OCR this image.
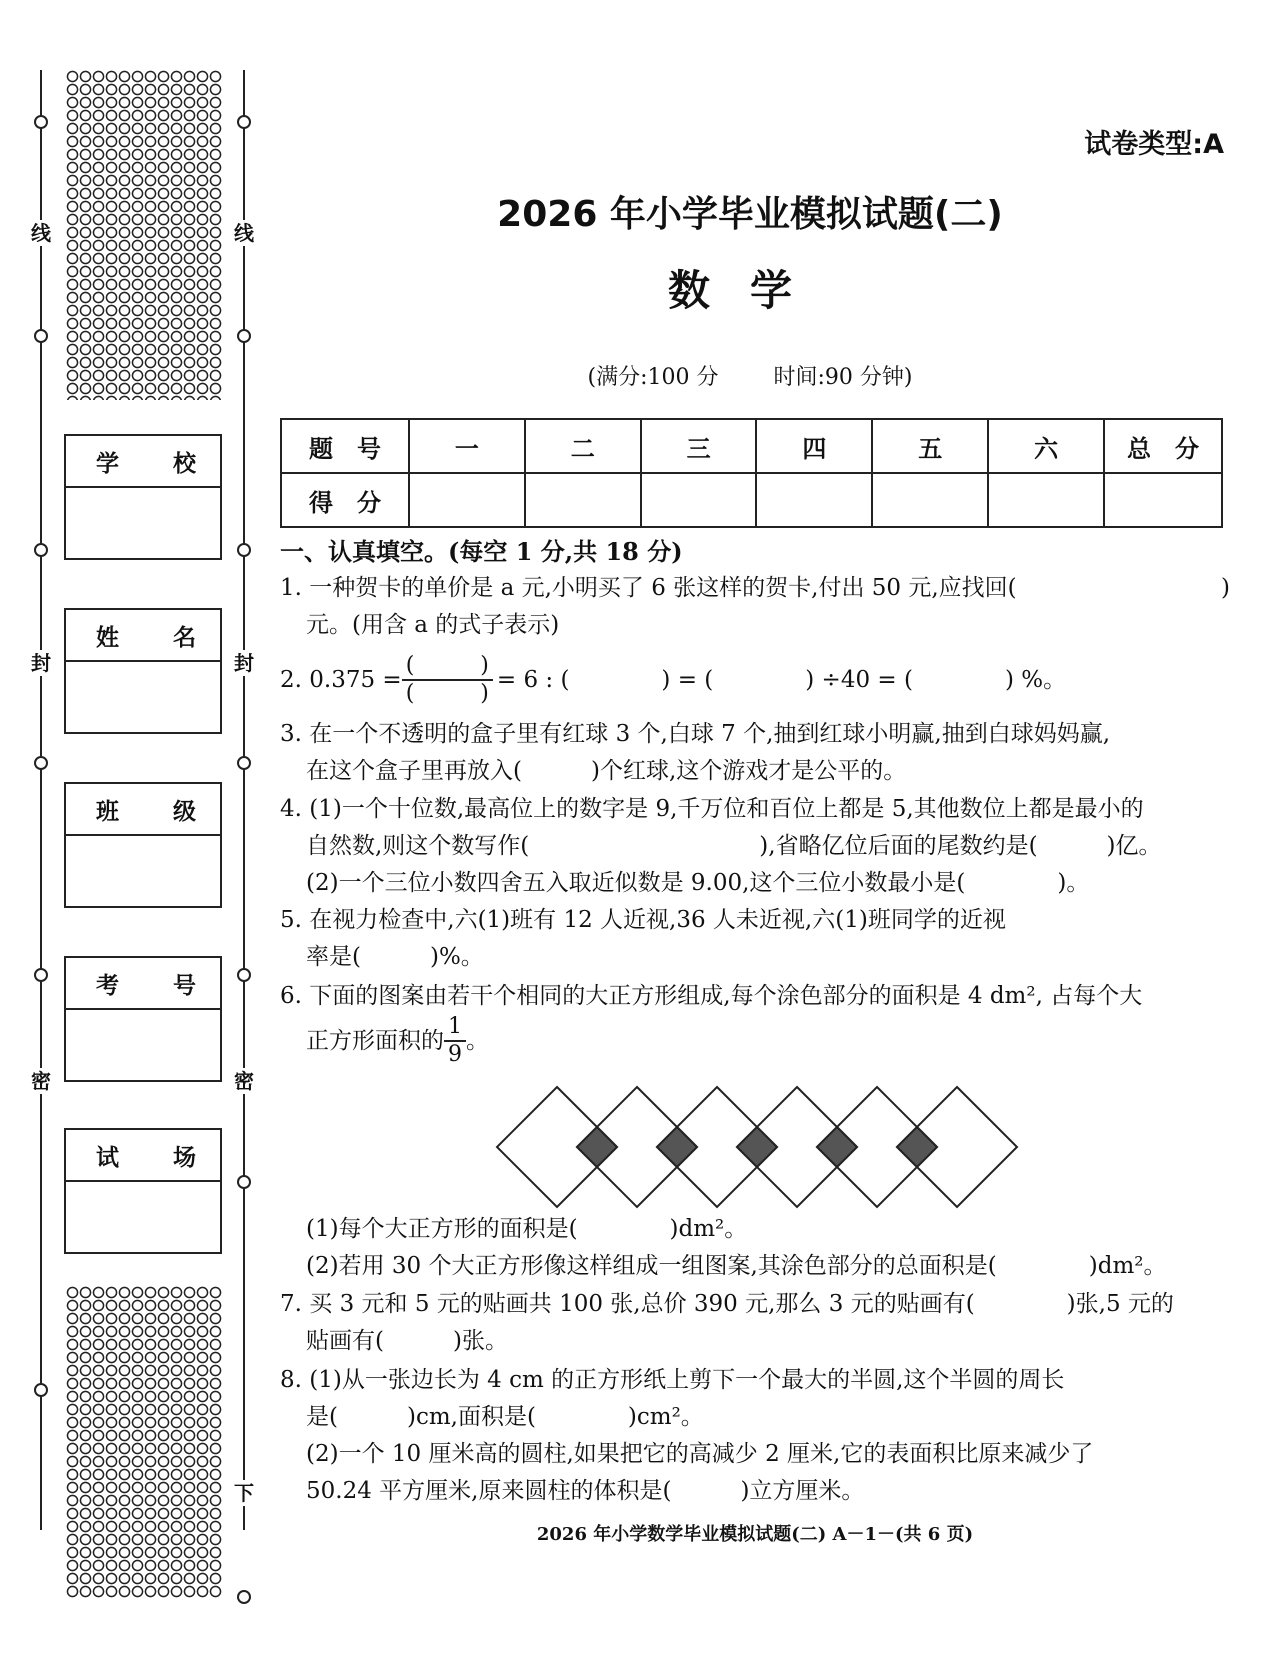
线
封
密
线
封
密
下
学 校
姓 名
班 级
考 号
试 场
试卷类型:A
2026 年小学毕业模拟试题(二)
数学
(满分:100 分	时间:90 分钟)
题　号	一	二	三	四	五	六	总　分
得　分							
一、认真填空。(每空 1 分,共 18 分)
1. 一种贺卡的单价是 a 元,小明买了 6 张这样的贺卡,付出 50 元,应找回(	)
元。(用含 a 的式子表示)
2. $0.375 = \frac{( )}{( )} = 6$ : (　　　　) = (　　　　) ÷40 = (　　　　) %。
3. 在一个不透明的盒子里有红球 3 个,白球 7 个,抽到红球小明赢,抽到白球妈妈赢,
在这个盒子里再放入(　　　)个红球,这个游戏才是公平的。
4. (1)一个十位数,最高位上的数字是 9,千万位和百位上都是 5,其他数位上都是最小的
自然数,则这个数写作(　　　　　　　　　　),省略亿位后面的尾数约是(　　　)亿。
(2)一个三位小数四舍五入取近似数是 9.00,这个三位小数最小是(　　　　)。
5. 在视力检查中,六(1)班有 12 人近视,36 人未近视,六(1)班同学的近视
率是(　　　)%。
6. 下面的图案由若干个相同的大正方形组成,每个涂色部分的面积是 4 dm², 占每个大
正方形面积的 $\frac{1}{9}$ 。
(1)每个大正方形的面积是(　　　　)dm²。
(2)若用 30 个大正方形像这样组成一组图案,其涂色部分的总面积是(　　　　)dm²。
7. 买 3 元和 5 元的贴画共 100 张,总价 390 元,那么 3 元的贴画有(　　　　)张,5 元的
贴画有(　　　)张。
8. (1)从一张边长为 4 cm 的正方形纸上剪下一个最大的半圆,这个半圆的周长
是(　　　)cm,面积是(　　　　)cm²。
(2)一个 10 厘米高的圆柱,如果把它的高减少 2 厘米,它的表面积比原来减少了
50.24 平方厘米,原来圆柱的体积是(　　　)立方厘米。
2026 年小学数学毕业模拟试题(二) A－1－(共 6 页)
